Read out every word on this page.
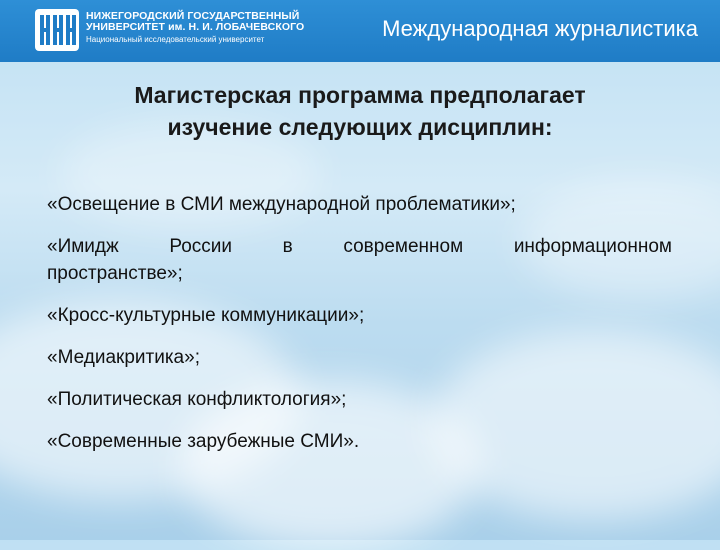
НИЖЕГОРОДСКИЙ ГОСУДАРСТВЕННЫЙ
УНИВЕРСИТЕТ им. Н. И. ЛОБАЧЕВСКОГО
Национальный исследовательский университет	Международная журналистика
Магистерская программа предполагает
изучение следующих дисциплин:
«Освещение в СМИ международной проблематики»;
«Имидж России в современном информационном
пространстве»;
«Кросс-культурные коммуникации»;
«Медиакритика»;
«Политическая конфликтология»;
«Современные зарубежные СМИ».
